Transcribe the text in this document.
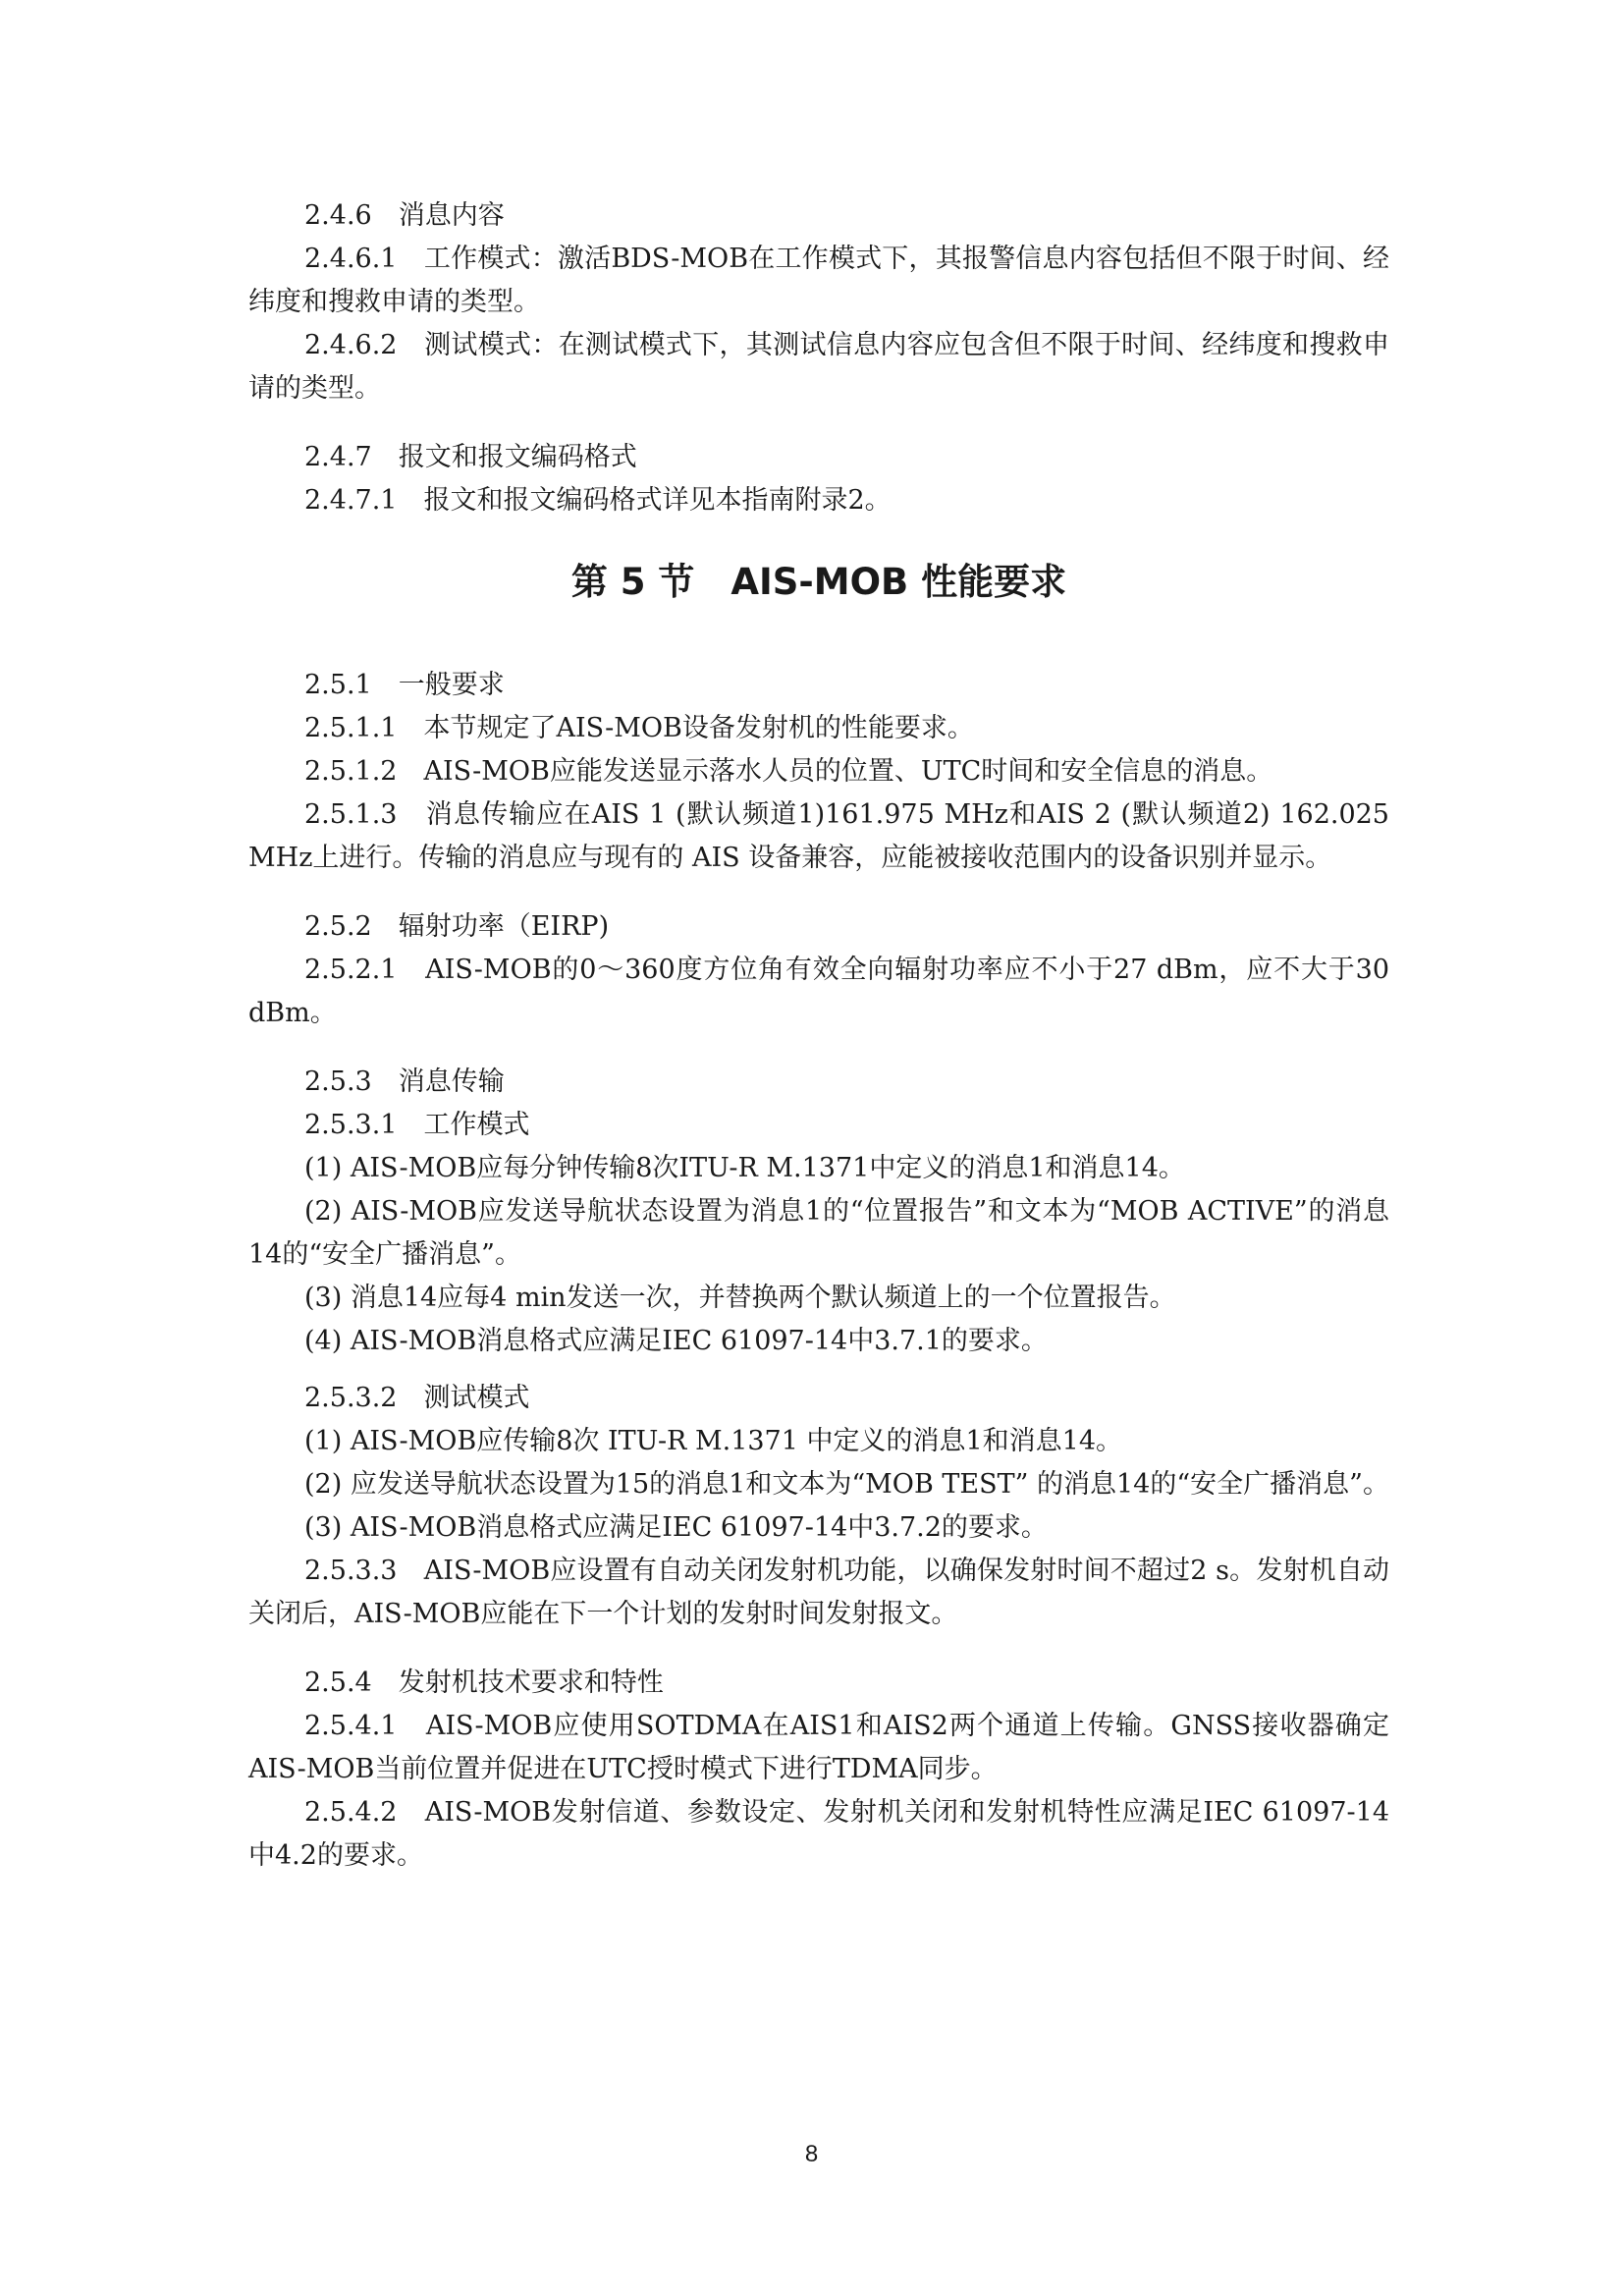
2.4.6　消息内容

2.4.6.1　工作模式：激活BDS-MOB在工作模式下，其报警信息内容包括但不限于时间、经纬度和搜救申请的类型。

2.4.6.2　测试模式：在测试模式下，其测试信息内容应包含但不限于时间、经纬度和搜救申请的类型。

2.4.7　报文和报文编码格式

2.4.7.1　报文和报文编码格式详见本指南附录2。

第 5 节　AIS-MOB 性能要求

2.5.1　一般要求

2.5.1.1　本节规定了AIS-MOB设备发射机的性能要求。

2.5.1.2　AIS-MOB应能发送显示落水人员的位置、UTC时间和安全信息的消息。

2.5.1.3　消息传输应在AIS 1 (默认频道1)161.975 MHz和AIS 2 (默认频道2) 162.025 MHz上进行。传输的消息应与现有的 AIS 设备兼容，应能被接收范围内的设备识别并显示。

2.5.2　辐射功率（EIRP)

2.5.2.1　AIS-MOB的0～360度方位角有效全向辐射功率应不小于27 dBm，应不大于30 dBm。

2.5.3　消息传输

2.5.3.1　工作模式

(1) AIS-MOB应每分钟传输8次ITU-R M.1371中定义的消息1和消息14。

(2) AIS-MOB应发送导航状态设置为消息1的“位置报告”和文本为“MOB ACTIVE”的消息14的“安全广播消息”。

(3) 消息14应每4 min发送一次，并替换两个默认频道上的一个位置报告。

(4) AIS-MOB消息格式应满足IEC 61097-14中3.7.1的要求。

2.5.3.2　测试模式

(1) AIS-MOB应传输8次 ITU-R M.1371 中定义的消息1和消息14。

(2) 应发送导航状态设置为15的消息1和文本为“MOB TEST” 的消息14的“安全广播消息”。

(3) AIS-MOB消息格式应满足IEC 61097-14中3.7.2的要求。

2.5.3.3　AIS-MOB应设置有自动关闭发射机功能，以确保发射时间不超过2 s。发射机自动关闭后，AIS-MOB应能在下一个计划的发射时间发射报文。

2.5.4　发射机技术要求和特性

2.5.4.1　AIS-MOB应使用SOTDMA在AIS1和AIS2两个通道上传输。GNSS接收器确定AIS-MOB当前位置并促进在UTC授时模式下进行TDMA同步。

2.5.4.2　AIS-MOB发射信道、参数设定、发射机关闭和发射机特性应满足IEC 61097-14中4.2的要求。

8
